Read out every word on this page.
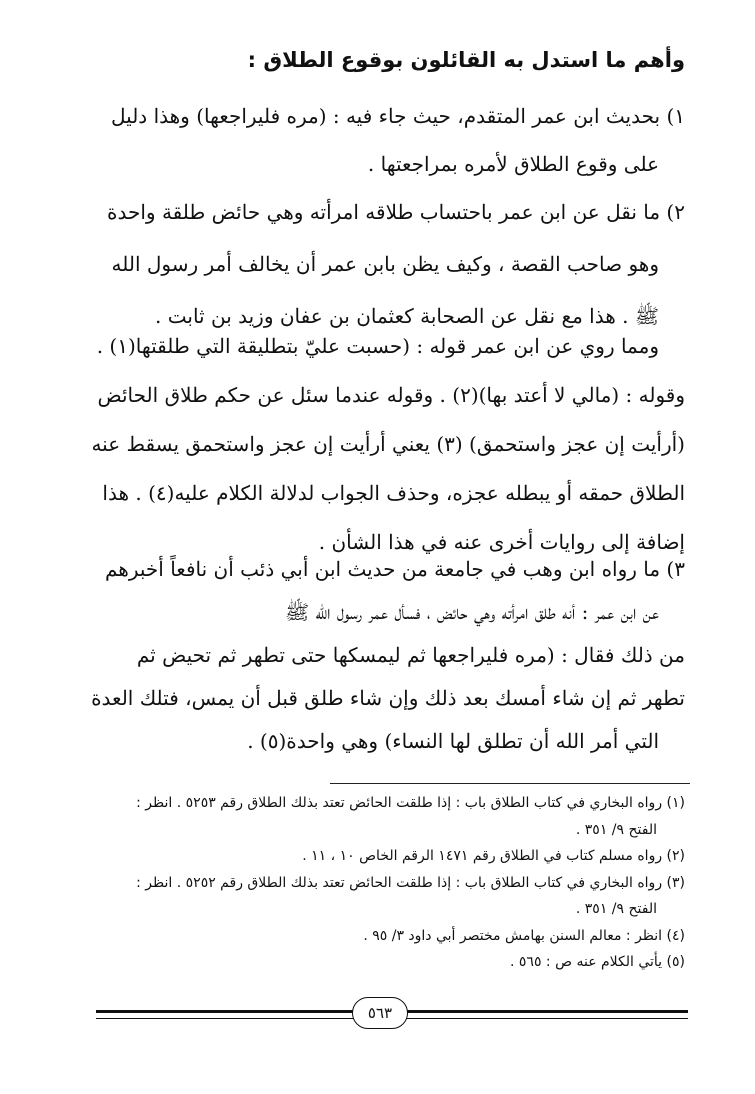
وأهم ما استدل به القائلون بوقوع الطلاق :
١) بحديث ابن عمر المتقدم، حيث جاء فيه : (مره فليراجعها) وهذا دليل
على وقوع الطلاق لأمره بمراجعتها .
٢) ما نقل عن ابن عمر باحتساب طلاقه امرأته وهي حائض طلقة واحدة
وهو صاحب القصة ، وكيف يظن بابن عمر أن يخالف أمر رسول الله
ﷺ . هذا مع نقل عن الصحابة كعثمان بن عفان وزيد بن ثابت .
ومما روي عن ابن عمر قوله : (حسبت عليّ بتطليقة التي طلقتها(١) .
وقوله : (مالي لا أعتد بها)(٢) . وقوله عندما سئل عن حكم طلاق الحائض
(أرأيت إن عجز واستحمق) (٣) يعني أرأيت إن عجز واستحمق يسقط عنه
الطلاق حمقه أو يبطله عجزه، وحذف الجواب لدلالة الكلام عليه(٤) . هذا
إضافة إلى روايات أخرى عنه في هذا الشأن .
٣) ما رواه ابن وهب في جامعة من حديث ابن أبي ذئب أن نافعاً أخبرهم
عن ابن عمر : أنه طلق امرأته وهي حائض ، فسأل عمر رسول الله ﷺ
من ذلك فقال : (مره فليراجعها ثم ليمسكها حتى تطهر ثم تحيض ثم
تطهر ثم إن شاء أمسك بعد ذلك وإن شاء طلق قبل أن يمس، فتلك العدة
التي أمر الله أن تطلق لها النساء) وهي واحدة(٥) .
(١) رواه البخاري في كتاب الطلاق باب : إذا طلقت الحائض تعتد بذلك الطلاق رقم ٥٢٥٣ . انظر :
الفتح ٩/ ٣٥١ .
(٢) رواه مسلم كتاب في الطلاق رقم ١٤٧١ الرقم الخاص ١٠ ، ١١ .
(٣) رواه البخاري في كتاب الطلاق باب : إذا طلقت الحائض تعتد بذلك الطلاق رقم ٥٢٥٢ . انظر :
الفتح ٩/ ٣٥١ .
(٤) انظر : معالم السنن بهامش مختصر أبي داود ٣/ ٩٥ .
(٥) يأتي الكلام عنه ص : ٥٦٥ .
٥٦٣
